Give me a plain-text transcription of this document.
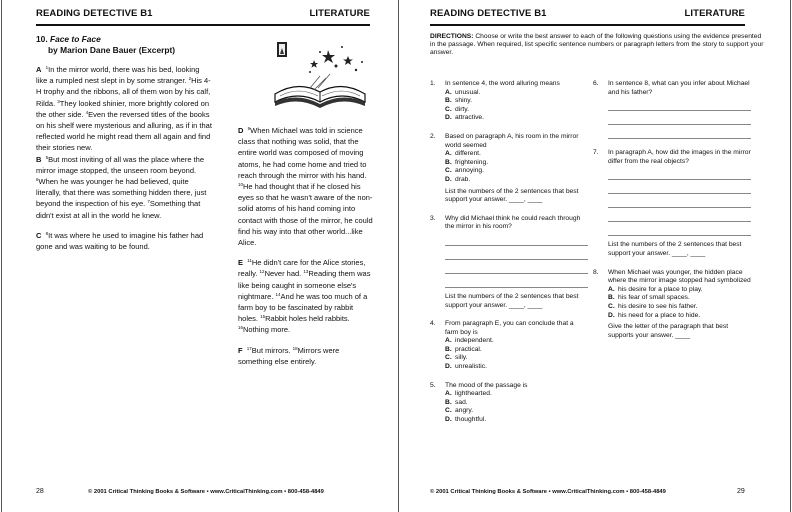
READING DETECTIVE B1	LITERATURE
10. Face to Face
by Marion Dane Bauer (Excerpt)

A $^1$In the mirror world, there was his bed, looking like a rumpled nest slept in by some stranger. $^2$His 4-H trophy and the ribbons, all of them won by his calf, Rilda. $^3$They looked shinier, more brightly colored on the other side. $^4$Even the reversed titles of the books on his shelf were mysterious and alluring, as if in that reflected world he might read them all again and find their stories new.

B $^5$But most inviting of all was the place where the mirror image stopped, the unseen room beyond. $^6$When he was younger he had believed, quite literally, that there was something hidden there, just beyond the inspection of his eye. $^7$Something that didn't exist at all in the world he knew.

C $^8$It was where he used to imagine his father had gone and was waiting to be found.

D $^9$When Michael was told in science class that nothing was solid, that the entire world was composed of moving atoms, he had come home and tried to reach through the mirror with his hand. $^{10}$He had thought that if he closed his eyes so that he wasn't aware of the non-solid atoms of his hand coming into contact with those of the mirror, he could find his way into that other world...like Alice.

E $^{11}$He didn't care for the Alice stories, really. $^{12}$Never had. $^{13}$Reading them was like being caught in someone else's nightmare. $^{14}$And he was too much of a farm boy to be fascinated by rabbit holes. $^{15}$Rabbit holes held rabbits. $^{16}$Nothing more.

F $^{17}$But mirrors. $^{18}$Mirrors were something else entirely.

28	© 2001 Critical Thinking Books & Software • www.CriticalThinking.com • 800-458-4849
READING DETECTIVE B1	LITERATURE
DIRECTIONS: Choose or write the best answer to each of the following questions using the evidence presented in the passage. When required, list specific sentence numbers or paragraph letters from the story to support your answer.
1. In sentence 4, the word alluring means
A. unusual.
B. shiny.
C. dirty.
D. attractive.
2. Based on paragraph A, his room in the mirror world seemed
A. different.
B. frightening.
C. annoying.
D. drab.
List the numbers of the 2 sentences that best support your answer. ____, ____
3. Why did Michael think he could reach through the mirror in his room?
List the numbers of the 2 sentences that best support your answer. ____, ____
4. From paragraph E, you can conclude that a farm boy is
A. independent.
B. practical.
C. silly.
D. unrealistic.
5. The mood of the passage is
A. lighthearted.
B. sad.
C. angry.
D. thoughtful.
6. In sentence 8, what can you infer about Michael and his father?
7. In paragraph A, how did the images in the mirror differ from the real objects?
List the numbers of the 2 sentences that best support your answer. ____, ____
8. When Michael was younger, the hidden place where the mirror image stopped had symbolized
A. his desire for a place to play.
B. his fear of small spaces.
C. his desire to see his father.
D. his need for a place to hide.
Give the letter of the paragraph that best supports your answer. ____
© 2001 Critical Thinking Books & Software • www.CriticalThinking.com • 800-458-4849	29
